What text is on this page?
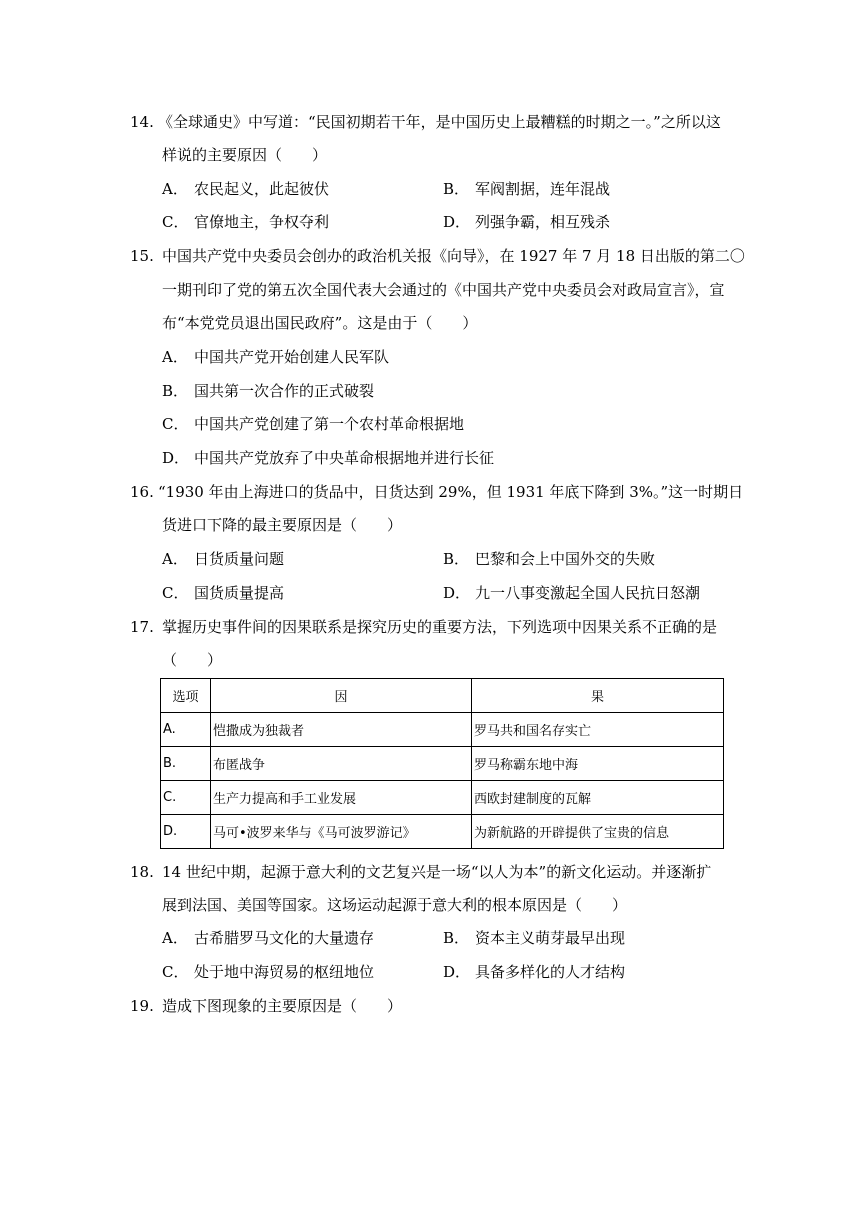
14. 《全球通史》中写道：“民国初期若干年，是中国历史上最糟糕的时期之一。”之所以这
样说的主要原因（　　）
A． 农民起义，此起彼伏	B． 军阀割据，连年混战
C． 官僚地主，争权夺利	D． 列强争霸，相互残杀
15. 中国共产党中央委员会创办的政治机关报《向导》，在 1927 年 7 月 18 日出版的第二〇
一期刊印了党的第五次全国代表大会通过的《中国共产党中央委员会对政局宣言》，宣
布“本党党员退出国民政府”。这是由于（　　）
A． 中国共产党开始创建人民军队
B． 国共第一次合作的正式破裂
C． 中国共产党创建了第一个农村革命根据地
D． 中国共产党放弃了中央革命根据地并进行长征
16. “1930 年由上海进口的货品中，日货达到 29%，但 1931 年底下降到 3%。”这一时期日
货进口下降的最主要原因是（　　）
A． 日货质量问题	B． 巴黎和会上中国外交的失败
C． 国货质量提高	D． 九一八事变激起全国人民抗日怒潮
17. 掌握历史事件间的因果联系是探究历史的重要方法，下列选项中因果关系不正确的是
（　　）
选项	因	果
A.	恺撒成为独裁者	罗马共和国名存实亡
B.	布匿战争	罗马称霸东地中海
C.	生产力提高和手工业发展	西欧封建制度的瓦解
D.	马可•波罗来华与《马可波罗游记》	为新航路的开辟提供了宝贵的信息
18. 14 世纪中期，起源于意大利的文艺复兴是一场“以人为本”的新文化运动。并逐渐扩
展到法国、美国等国家。这场运动起源于意大利的根本原因是（　　）
A． 古希腊罗马文化的大量遗存	B． 资本主义萌芽最早出现
C． 处于地中海贸易的枢纽地位	D． 具备多样化的人才结构
19. 造成下图现象的主要原因是（　　）
